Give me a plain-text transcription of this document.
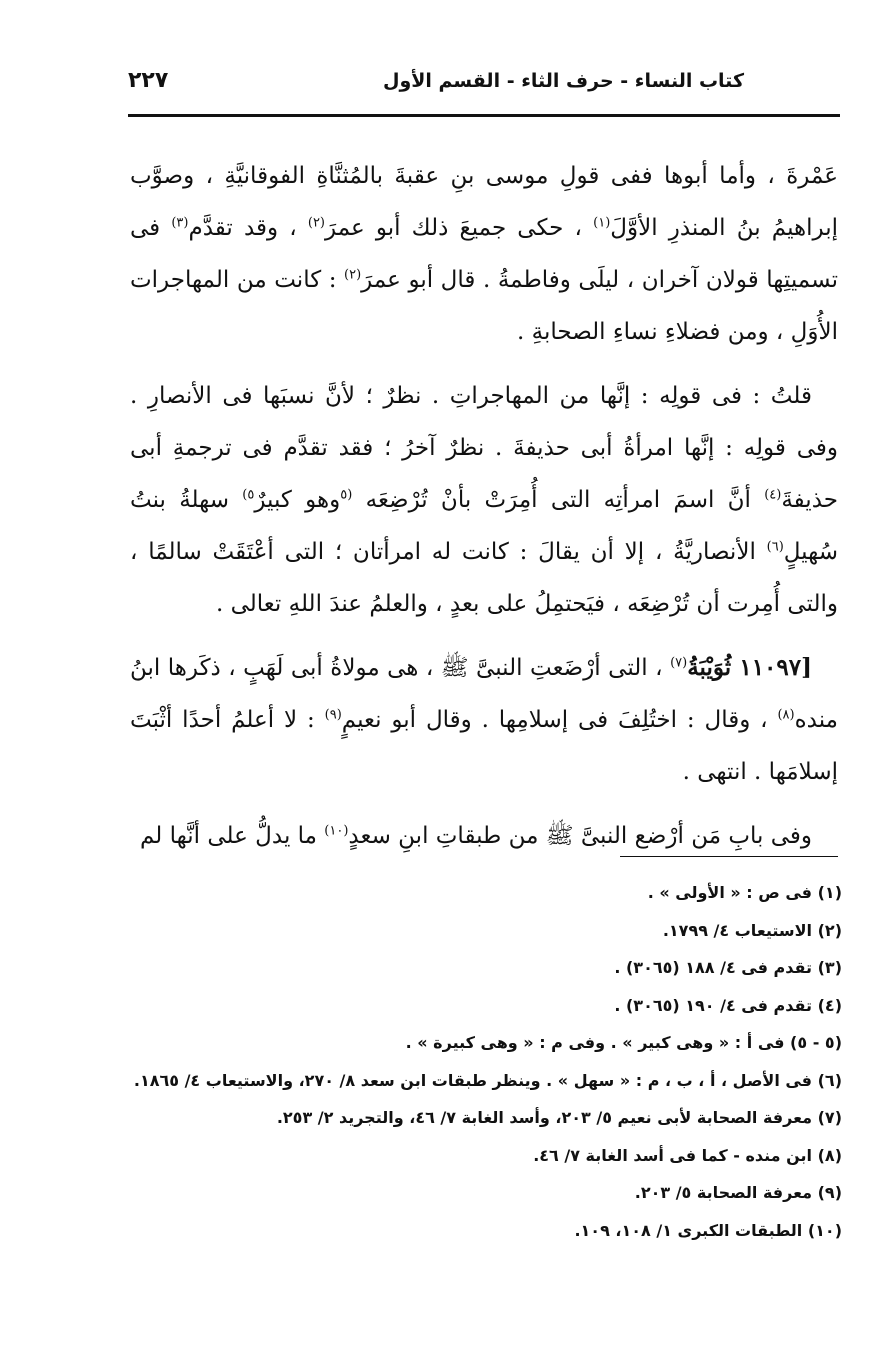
كتاب النساء - حرف الثاء - القسم الأول
٢٢٧

عَمْرةَ ، وأما أبوها ففى قولِ موسى بنِ عقبةَ بالمُثنَّاةِ الفوقانيَّةِ ، وصوَّب إبراهيمُ بنُ المنذرِ الأوَّلَ$^{(١)}$ ، حكى جميعَ ذلك أبو عمرَ$^{(٢)}$ ، وقد تقدَّم$^{(٣)}$ فى تسميتِها قولان آخران ، ليلَى وفاطمةُ . قال أبو عمرَ$^{(٢)}$ : كانت من المهاجرات الأُوَلِ ، ومن فضلاءِ نساءِ الصحابةِ .

قلتُ : فى قولِه : إنَّها من المهاجراتِ . نظرٌ ؛ لأنَّ نسبَها فى الأنصارِ . وفى قولِه : إنَّها امرأةُ أبى حذيفةَ . نظرٌ آخرُ ؛ فقد تقدَّم فى ترجمةِ أبى حذيفةَ$^{(٤)}$ أنَّ اسمَ امرأتِه التى أُمِرَتْ بأنْ تُرْضِعَه $^{(٥}$وهو كبيرٌ$^{٥)}$ سهلةُ بنتُ سُهيلٍ$^{(٦)}$ الأنصاريَّةُ ، إلا أن يقالَ : كانت له امرأتان ؛ التى أعْتَقَتْ سالمًا ، والتى أُمِرت أن تُرْضِعَه ، فيَحتمِلُ على بعدٍ ، والعلمُ عندَ اللهِ تعالى .

[١١٠٩٧ ثُوَيْبَةُ$^{(٧)}$ ، التى أرْضَعتِ النبىَّ ﷺ ، هى مولاةُ أبى لَهَبٍ ، ذكَرها ابنُ منده$^{(٨)}$ ، وقال : اختُلِفَ فى إسلامِها . وقال أبو نعيمٍ$^{(٩)}$ : لا أعلمُ أحدًا أثْبَتَ إسلامَها . انتهى .

وفى بابِ مَن أرْضع النبىَّ ﷺ من طبقاتِ ابنِ سعدٍ$^{(١٠)}$ ما يدلُّ على أنَّها لم

(١) فى ص : « الأولى » .

(٢) الاستيعاب ٤/ ١٧٩٩.

(٣) تقدم فى ٤/ ١٨٨ (٣٠٦٥) .

(٤) تقدم فى ٤/ ١٩٠ (٣٠٦٥) .

(٥ - ٥) فى أ : « وهى كبير » . وفى م : « وهى كبيرة » .

(٦) فى الأصل ، أ ، ب ، م : « سهل » . وينظر طبقات ابن سعد ٨/ ٢٧٠، والاستيعاب ٤/ ١٨٦٥.

(٧) معرفة الصحابة لأبى نعيم ٥/ ٢٠٣، وأسد الغابة ٧/ ٤٦، والتجريد ٢/ ٢٥٣.

(٨) ابن منده - كما فى أسد الغابة ٧/ ٤٦.

(٩) معرفة الصحابة ٥/ ٢٠٣.

(١٠) الطبقات الكبرى ١/ ١٠٨، ١٠٩.
